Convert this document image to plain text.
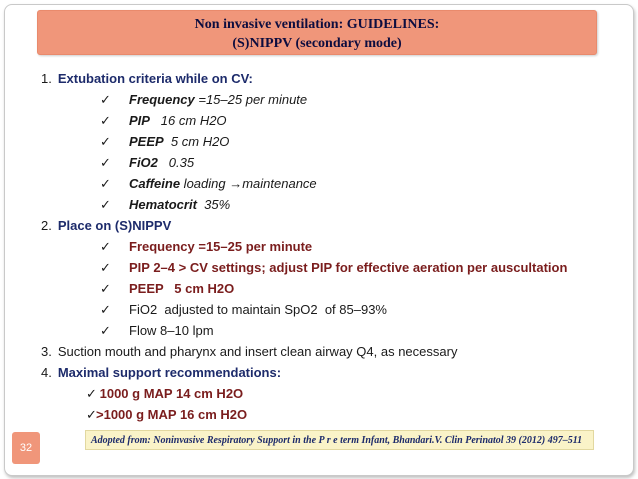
Non invasive ventilation: GUIDELINES:
(S)NIPPV (secondary mode)
1. Extubation criteria while on CV:
✓ Frequency =15–25 per minute
✓ PIP   16 cm H2O
✓ PEEP  5 cm H2O
✓ FiO2   0.35
✓ Caffeine loading →maintenance
✓ Hematocrit  35%
2. Place on (S)NIPPV
✓ Frequency =15–25 per minute
✓ PIP 2–4 > CV settings; adjust PIP for effective aeration per auscultation
✓ PEEP   5 cm H2O
✓ FiO2  adjusted to maintain SpO2  of 85–93%
✓ Flow 8–10 lpm
3. Suction mouth and pharynx and insert clean airway Q4, as necessary
4. Maximal support recommendations:
✓ 1000 g MAP 14 cm H2O
✓>1000 g MAP 16 cm H2O
Adopted from: Noninvasive Respiratory Support in the P r e term Infant, Bhandari.V. Clin Perinatol 39 (2012) 497–511
32
